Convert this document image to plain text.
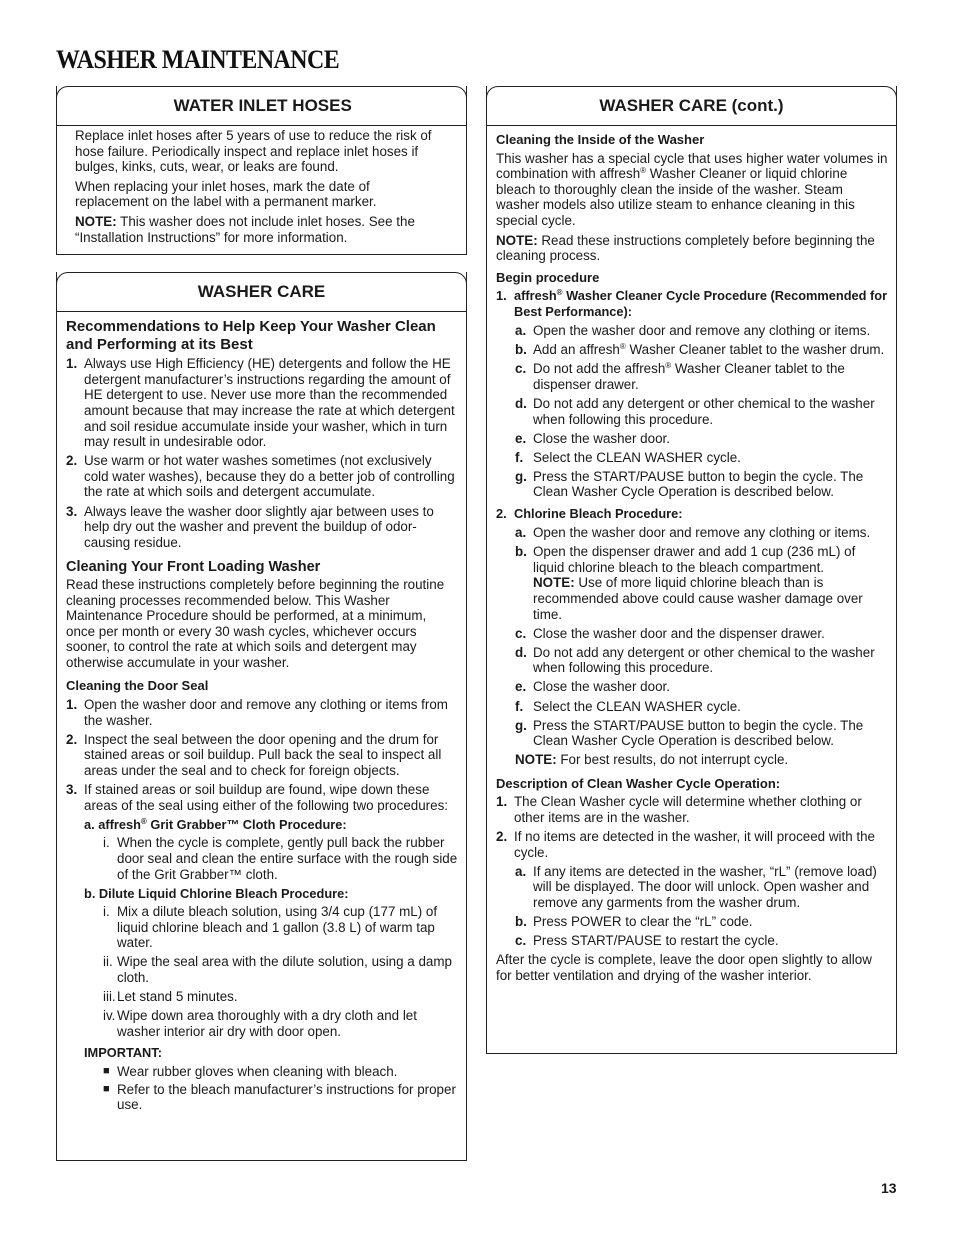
WASHER MAINTENANCE
WATER INLET HOSES

Replace inlet hoses after 5 years of use to reduce the risk of hose failure. Periodically inspect and replace inlet hoses if bulges, kinks, cuts, wear, or leaks are found.

When replacing your inlet hoses, mark the date of replacement on the label with a permanent marker.

NOTE: This washer does not include inlet hoses. See the “Installation Instructions” for more information.

WASHER CARE
Recommendations to Help Keep Your Washer Clean and Performing at its Best
1. Always use High Efficiency (HE) detergents and follow the HE detergent manufacturer’s instructions regarding the amount of HE detergent to use. Never use more than the recommended amount because that may increase the rate at which detergent and soil residue accumulate inside your washer, which in turn may result in undesirable odor.
2. Use warm or hot water washes sometimes (not exclusively cold water washes), because they do a better job of controlling the rate at which soils and detergent accumulate.
3. Always leave the washer door slightly ajar between uses to help dry out the washer and prevent the buildup of odor-causing residue.
Cleaning Your Front Loading Washer

Read these instructions completely before beginning the routine cleaning processes recommended below. This Washer Maintenance Procedure should be performed, at a minimum, once per month or every 30 wash cycles, whichever occurs sooner, to control the rate at which soils and detergent may otherwise accumulate in your washer.

Cleaning the Door Seal
1. Open the washer door and remove any clothing or items from the washer.
2. Inspect the seal between the door opening and the drum for stained areas or soil buildup. Pull back the seal to inspect all areas under the seal and to check for foreign objects.
3. If stained areas or soil buildup are found, wipe down these areas of the seal using either of the following two procedures:
a. affresh® Grit Grabber™ Cloth Procedure:
i. When the cycle is complete, gently pull back the rubber door seal and clean the entire surface with the rough side of the Grit Grabber™ cloth.
b. Dilute Liquid Chlorine Bleach Procedure:
i. Mix a dilute bleach solution, using 3/4 cup (177 mL) of liquid chlorine bleach and 1 gallon (3.8 L) of warm tap water.
ii. Wipe the seal area with the dilute solution, using a damp cloth.
iii. Let stand 5 minutes.
iv. Wipe down area thoroughly with a dry cloth and let washer interior air dry with door open.
IMPORTANT:
■ Wear rubber gloves when cleaning with bleach.
■ Refer to the bleach manufacturer’s instructions for proper use.
WASHER CARE (cont.)
Cleaning the Inside of the Washer

This washer has a special cycle that uses higher water volumes in combination with affresh® Washer Cleaner or liquid chlorine bleach to thoroughly clean the inside of the washer. Steam washer models also utilize steam to enhance cleaning in this special cycle.

NOTE: Read these instructions completely before beginning the cleaning process.

Begin procedure
1. affresh® Washer Cleaner Cycle Procedure (Recommended for Best Performance):
a. Open the washer door and remove any clothing or items.
b. Add an affresh® Washer Cleaner tablet to the washer drum.
c. Do not add the affresh® Washer Cleaner tablet to the dispenser drawer.
d. Do not add any detergent or other chemical to the washer when following this procedure.
e. Close the washer door.
f. Select the CLEAN WASHER cycle.
g. Press the START/PAUSE button to begin the cycle. The Clean Washer Cycle Operation is described below.
2. Chlorine Bleach Procedure:
a. Open the washer door and remove any clothing or items.
b. Open the dispenser drawer and add 1 cup (236 mL) of liquid chlorine bleach to the bleach compartment.
NOTE: Use of more liquid chlorine bleach than is recommended above could cause washer damage over time.
c. Close the washer door and the dispenser drawer.
d. Do not add any detergent or other chemical to the washer when following this procedure.
e. Close the washer door.
f. Select the CLEAN WASHER cycle.
g. Press the START/PAUSE button to begin the cycle. The Clean Washer Cycle Operation is described below.

NOTE: For best results, do not interrupt cycle.

Description of Clean Washer Cycle Operation:
1. The Clean Washer cycle will determine whether clothing or other items are in the washer.
2. If no items are detected in the washer, it will proceed with the cycle.
a. If any items are detected in the washer, “rL” (remove load) will be displayed. The door will unlock. Open washer and remove any garments from the washer drum.
b. Press POWER to clear the “rL” code.
c. Press START/PAUSE to restart the cycle.

After the cycle is complete, leave the door open slightly to allow for better ventilation and drying of the washer interior.

13
